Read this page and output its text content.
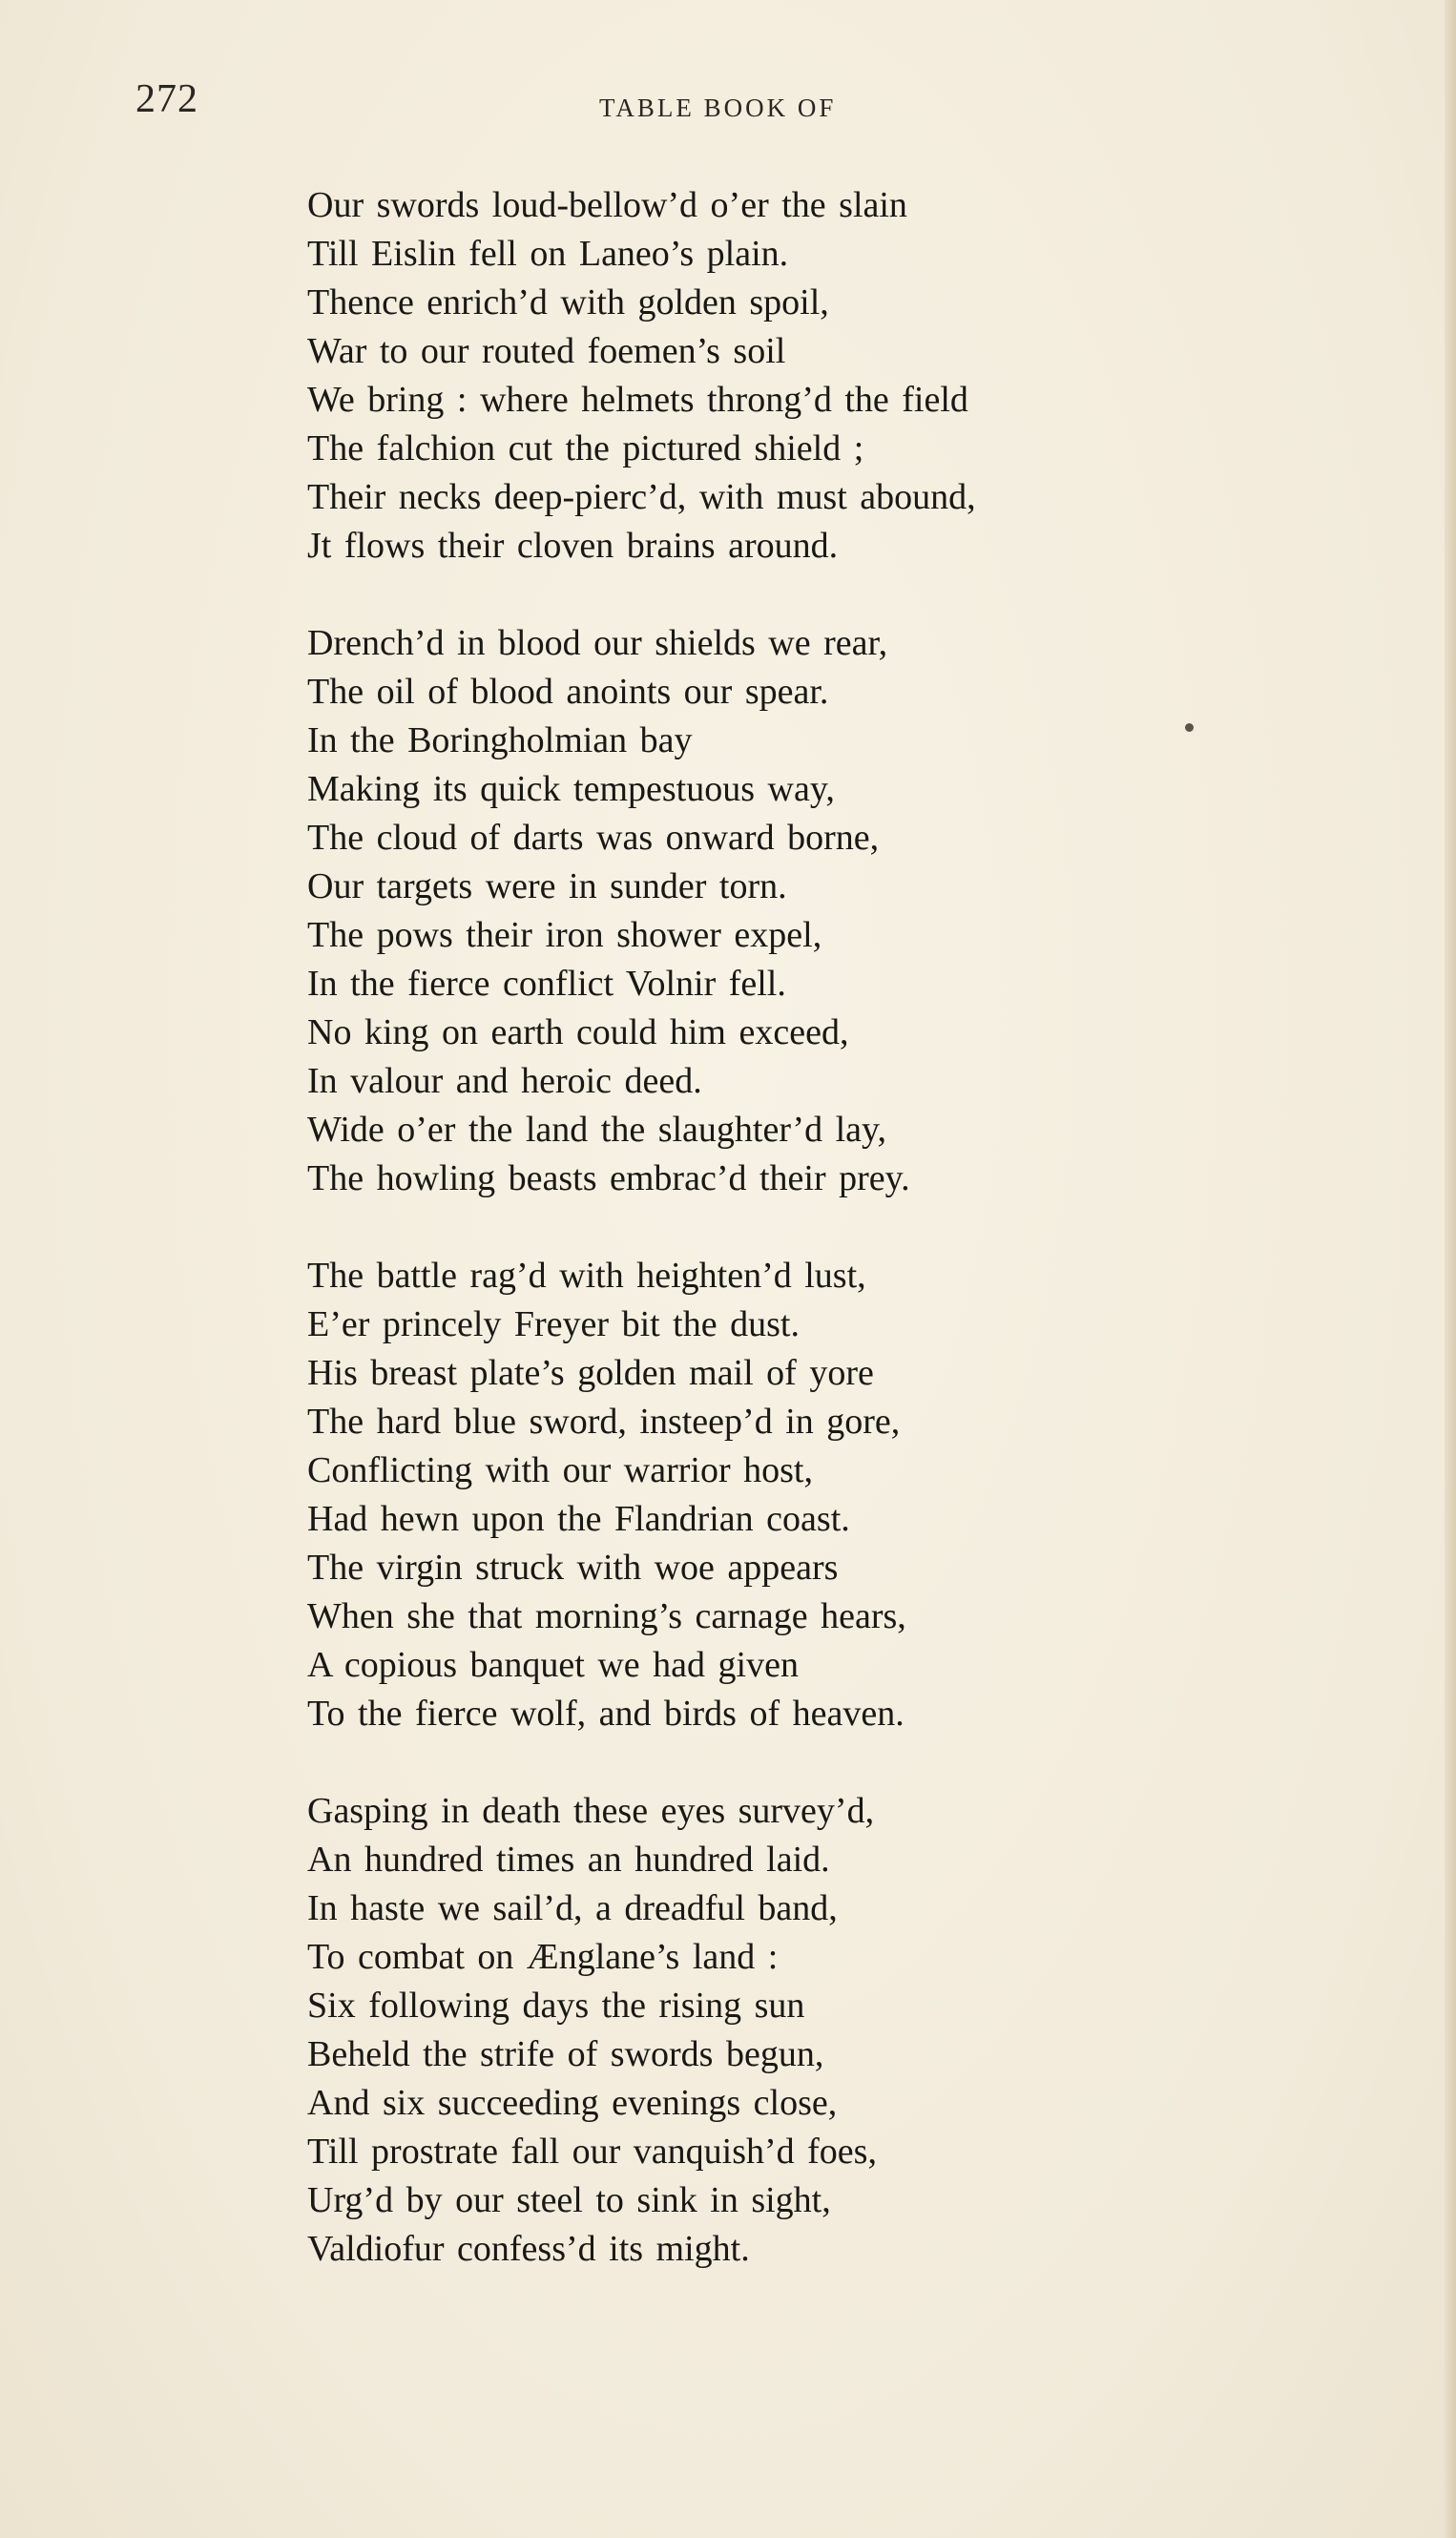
272	TABLE BOOK OF
Our swords loud-bellow’d o’er the slain
Till Eislin fell on Laneo’s plain.
Thence enrich’d with golden spoil,
War to our routed foemen’s soil
We bring : where helmets throng’d the field
The falchion cut the pictured shield ;
Their necks deep-pierc’d, with must abound,
Jt flows their cloven brains around.
Drench’d in blood our shields we rear,
The oil of blood anoints our spear.
In the Boringholmian bay
Making its quick tempestuous way,
The cloud of darts was onward borne,
Our targets were in sunder torn.
The pows their iron shower expel,
In the fierce conflict Volnir fell.
No king on earth could him exceed,
In valour and heroic deed.
Wide o’er the land the slaughter’d lay,
The howling beasts embrac’d their prey.
The battle rag’d with heighten’d lust,
E’er princely Freyer bit the dust.
His breast plate’s golden mail of yore
The hard blue sword, insteep’d in gore,
Conflicting with our warrior host,
Had hewn upon the Flandrian coast.
The virgin struck with woe appears
When she that morning’s carnage hears,
A copious banquet we had given
To the fierce wolf, and birds of heaven.
Gasping in death these eyes survey’d,
An hundred times an hundred laid.
In haste we sail’d, a dreadful band,
To combat on Ænglane’s land :
Six following days the rising sun
Beheld the strife of swords begun,
And six succeeding evenings close,
Till prostrate fall our vanquish’d foes,
Urg’d by our steel to sink in sight,
Valdiofur confess’d its might.
